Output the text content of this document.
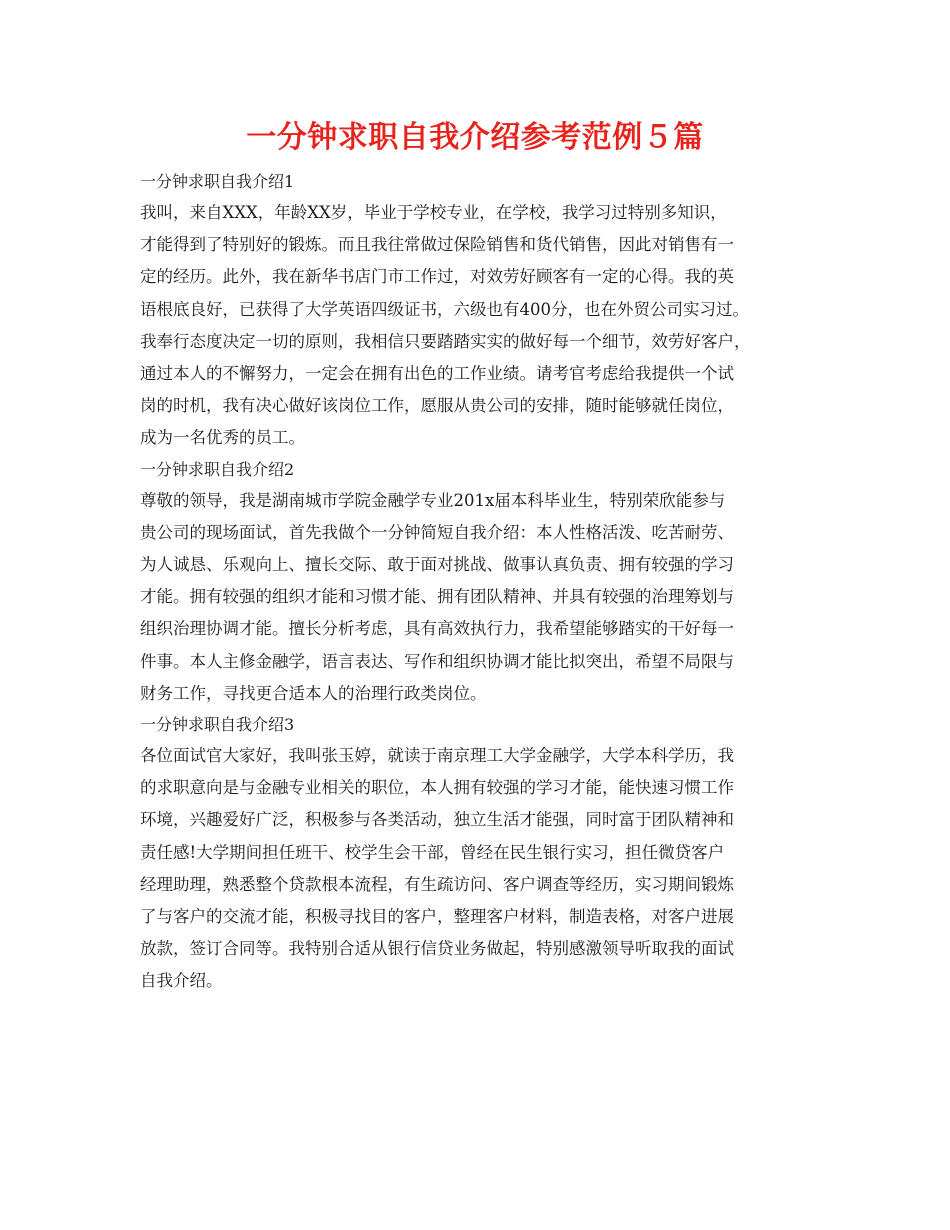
一分钟求职自我介绍参考范例５篇

一分钟求职自我介绍1

我叫，来自XXX，年龄XX岁，毕业于学校专业，在学校，我学习过特别多知识，
才能得到了特别好的锻炼。而且我往常做过保险销售和货代销售，因此对销售有一
定的经历。此外，我在新华书店门市工作过，对效劳好顾客有一定的心得。我的英
语根底良好，已获得了大学英语四级证书，六级也有400分，也在外贸公司实习过。
我奉行态度决定一切的原则，我相信只要踏踏实实的做好每一个细节，效劳好客户，
通过本人的不懈努力，一定会在拥有出色的工作业绩。请考官考虑给我提供一个试
岗的时机，我有决心做好该岗位工作，愿服从贵公司的安排，随时能够就任岗位，
成为一名优秀的员工。

一分钟求职自我介绍2

尊敬的领导，我是湖南城市学院金融学专业201x届本科毕业生，特别荣欣能参与
贵公司的现场面试，首先我做个一分钟简短自我介绍：本人性格活泼、吃苦耐劳、
为人诚恳、乐观向上、擅长交际、敢于面对挑战、做事认真负责、拥有较强的学习
才能。拥有较强的组织才能和习惯才能、拥有团队精神、并具有较强的治理筹划与
组织治理协调才能。擅长分析考虑，具有高效执行力，我希望能够踏实的干好每一
件事。本人主修金融学，语言表达、写作和组织协调才能比拟突出，希望不局限与
财务工作，寻找更合适本人的治理行政类岗位。

一分钟求职自我介绍3

各位面试官大家好，我叫张玉婷，就读于南京理工大学金融学，大学本科学历，我
的求职意向是与金融专业相关的职位，本人拥有较强的学习才能，能快速习惯工作
环境，兴趣爱好广泛，积极参与各类活动，独立生活才能强，同时富于团队精神和
责任感!大学期间担任班干、校学生会干部，曾经在民生银行实习，担任微贷客户
经理助理，熟悉整个贷款根本流程，有生疏访问、客户调查等经历，实习期间锻炼
了与客户的交流才能，积极寻找目的客户，整理客户材料，制造表格，对客户进展
放款，签订合同等。我特别合适从银行信贷业务做起，特别感激领导听取我的面试
自我介绍。
